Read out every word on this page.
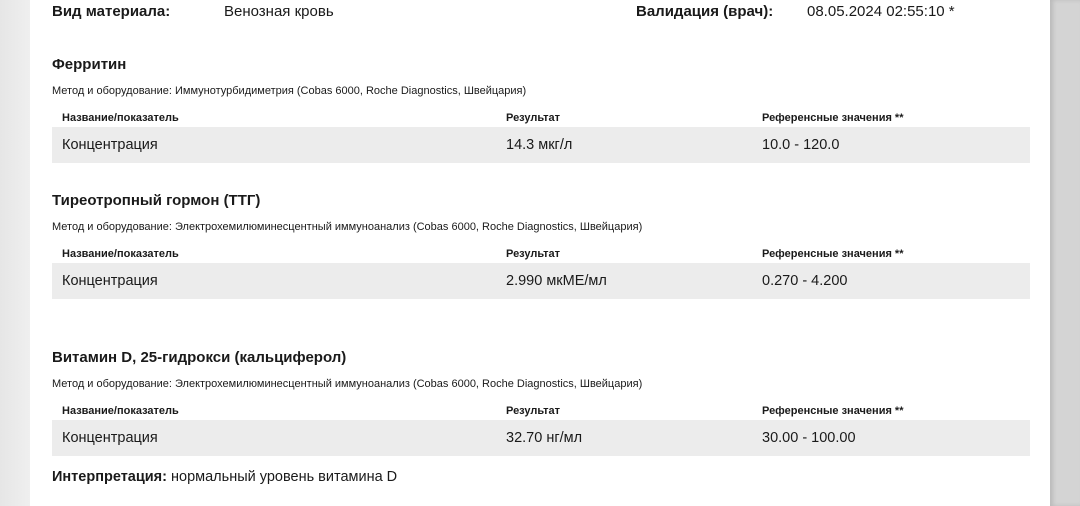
Вид материала:	Венозная кровь	Валидация (врач): 08.05.2024 02:55:10 *
Ферритин
Метод и оборудование: Иммунотурбидиметрия (Cobas 6000, Roche Diagnostics, Швейцария)
Название/показатель	Результат	Референсные значения **
Концентрация	14.3 мкг/л	10.0 - 120.0
Тиреотропный гормон (ТТГ)
Метод и оборудование: Электрохемилюминесцентный иммуноанализ (Cobas 6000, Roche Diagnostics, Швейцария)
Название/показатель	Результат	Референсные значения **
Концентрация	2.990 мкМЕ/мл	0.270 - 4.200
Витамин D, 25-гидрокси (кальциферол)
Метод и оборудование: Электрохемилюминесцентный иммуноанализ (Cobas 6000, Roche Diagnostics, Швейцария)
Название/показатель	Результат	Референсные значения **
Концентрация	32.70 нг/мл	30.00 - 100.00
Интерпретация: нормальный уровень витамина D
